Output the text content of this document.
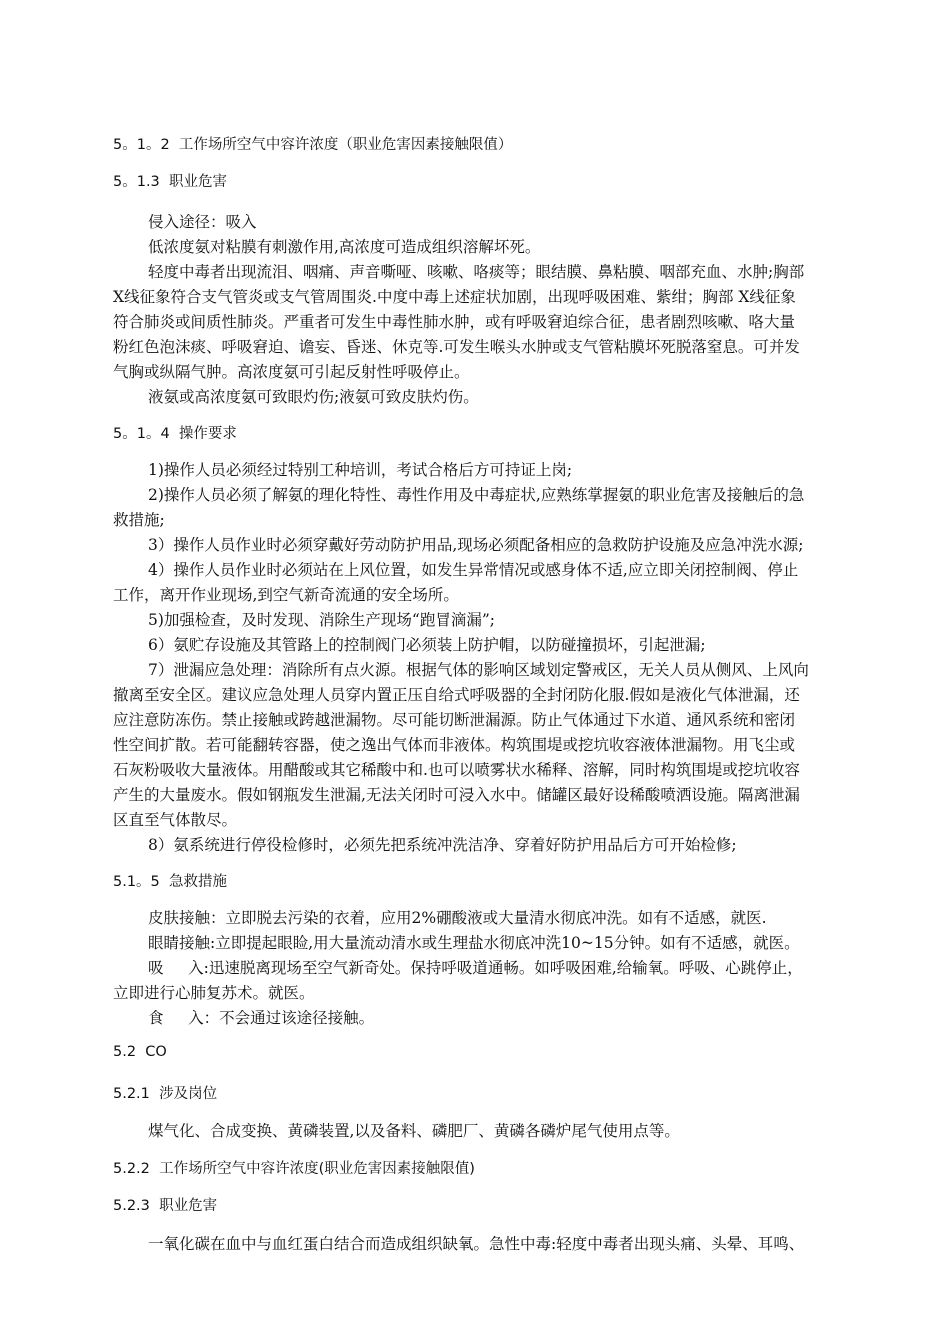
5。1。2  工作场所空气中容许浓度（职业危害因素接触限值）
5。1.3  职业危害
侵入途径：吸入
低浓度氨对粘膜有刺激作用,高浓度可造成组织溶解坏死。
轻度中毒者出现流泪、咽痛、声音嘶哑、咳嗽、咯痰等；眼结膜、鼻粘膜、咽部充血、水肿;胸部
X线征象符合支气管炎或支气管周围炎.中度中毒上述症状加剧，出现呼吸困难、紫绀；胸部 X线征象
符合肺炎或间质性肺炎。严重者可发生中毒性肺水肿，或有呼吸窘迫综合征，患者剧烈咳嗽、咯大量
粉红色泡沫痰、呼吸窘迫、谵妄、昏迷、休克等.可发生喉头水肿或支气管粘膜坏死脱落窒息。可并发
气胸或纵隔气肿。高浓度氨可引起反射性呼吸停止。
液氨或高浓度氨可致眼灼伤;液氨可致皮肤灼伤。
5。1。4  操作要求
1)操作人员必须经过特别工种培训，考试合格后方可持证上岗;
2)操作人员必须了解氨的理化特性、毒性作用及中毒症状,应熟练掌握氨的职业危害及接触后的急
救措施;
3）操作人员作业时必须穿戴好劳动防护用品,现场必须配备相应的急救防护设施及应急冲洗水源;
4）操作人员作业时必须站在上风位置，如发生异常情况或感身体不适,应立即关闭控制阀、停止
工作，离开作业现场,到空气新奇流通的安全场所。
5)加强检查，及时发现、消除生产现场“跑冒滴漏”;
6）氨贮存设施及其管路上的控制阀门必须装上防护帽，以防碰撞损坏，引起泄漏;
7）泄漏应急处理：消除所有点火源。根据气体的影响区域划定警戒区，无关人员从侧风、上风向
撤离至安全区。建议应急处理人员穿内置正压自给式呼吸器的全封闭防化服.假如是液化气体泄漏，还
应注意防冻伤。禁止接触或跨越泄漏物。尽可能切断泄漏源。防止气体通过下水道、通风系统和密闭
性空间扩散。若可能翻转容器，使之逸出气体而非液体。构筑围堤或挖坑收容液体泄漏物。用飞尘或
石灰粉吸收大量液体。用醋酸或其它稀酸中和.也可以喷雾状水稀释、溶解，同时构筑围堤或挖坑收容
产生的大量废水。假如钢瓶发生泄漏,无法关闭时可浸入水中。储罐区最好设稀酸喷洒设施。隔离泄漏
区直至气体散尽。
8）氨系统进行停役检修时，必须先把系统冲洗洁净、穿着好防护用品后方可开始检修;
5.1。5  急救措施
皮肤接触：立即脱去污染的衣着，应用2%硼酸液或大量清水彻底冲洗。如有不适感，就医.
眼睛接触:立即提起眼睑,用大量流动清水或生理盐水彻底冲洗10~15分钟。如有不适感，就医。
吸     入:迅速脱离现场至空气新奇处。保持呼吸道通畅。如呼吸困难,给输氧。呼吸、心跳停止，
立即进行心肺复苏术。就医。
食     入：不会通过该途径接触。
5.2  CO
5.2.1  涉及岗位
煤气化、合成变换、黄磷装置,以及备料、磷肥厂、黄磷各磷炉尾气使用点等。
5.2.2  工作场所空气中容许浓度(职业危害因素接触限值)
5.2.3  职业危害
一氧化碳在血中与血红蛋白结合而造成组织缺氧。急性中毒:轻度中毒者出现头痛、头晕、耳鸣、
